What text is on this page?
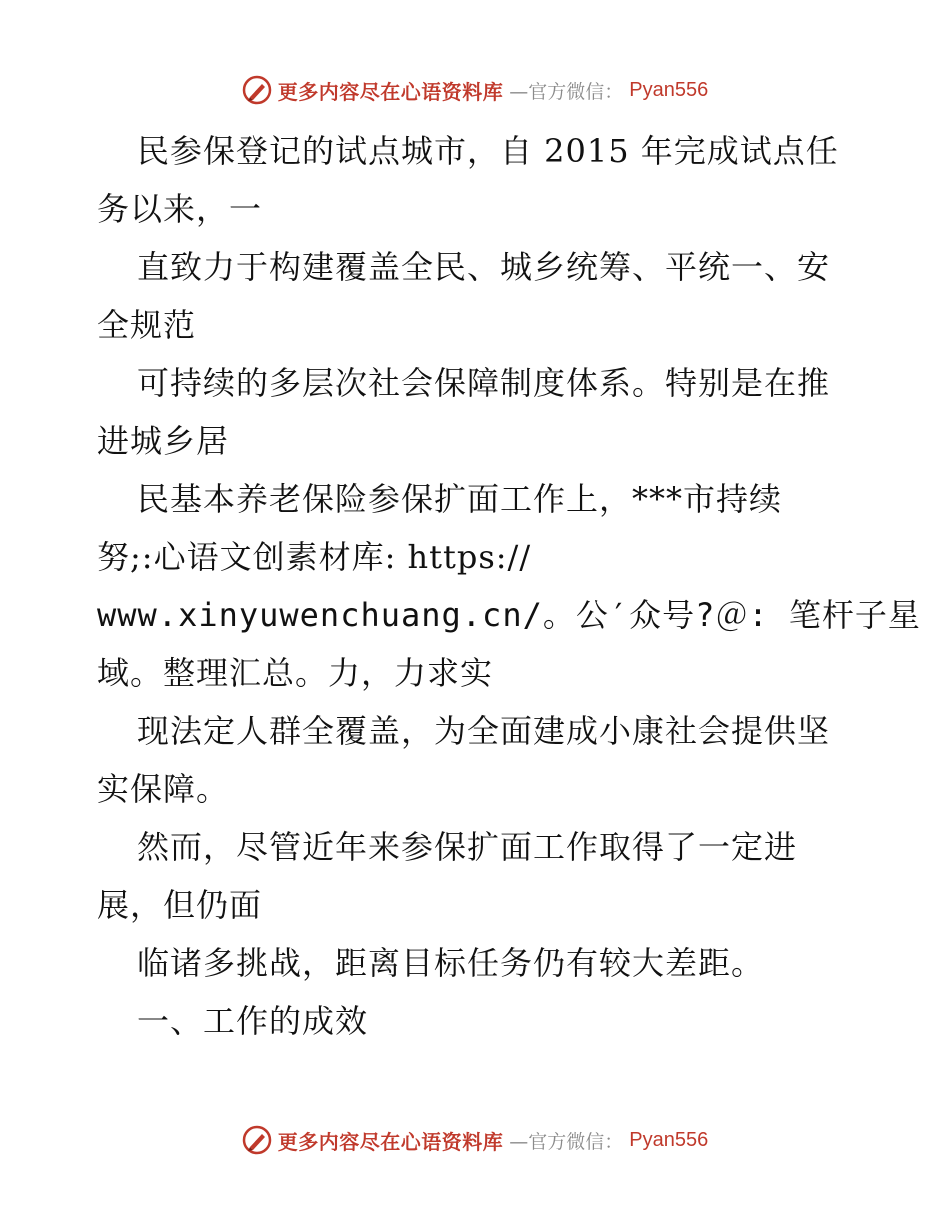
更多内容尽在心语资料库 —官方微信： Pyan556
民参保登记的试点城市，自 2015 年完成试点任
务以来，一
直致力于构建覆盖全民、城乡统筹、平统一、安
全规范
可持续的多层次社会保障制度体系。特别是在推
进城乡居
民基本养老保险参保扩面工作上，***市持续
努;:心语文创素材库: https://
www.xinyuwenchuang.cn/。公′众号?＠: 笔杆子星
域。整理汇总。力，力求实
现法定人群全覆盖，为全面建成小康社会提供坚
实保障。
然而，尽管近年来参保扩面工作取得了一定进
展，但仍面
临诸多挑战，距离目标任务仍有较大差距。
一、工作的成效
更多内容尽在心语资料库 —官方微信： Pyan556
